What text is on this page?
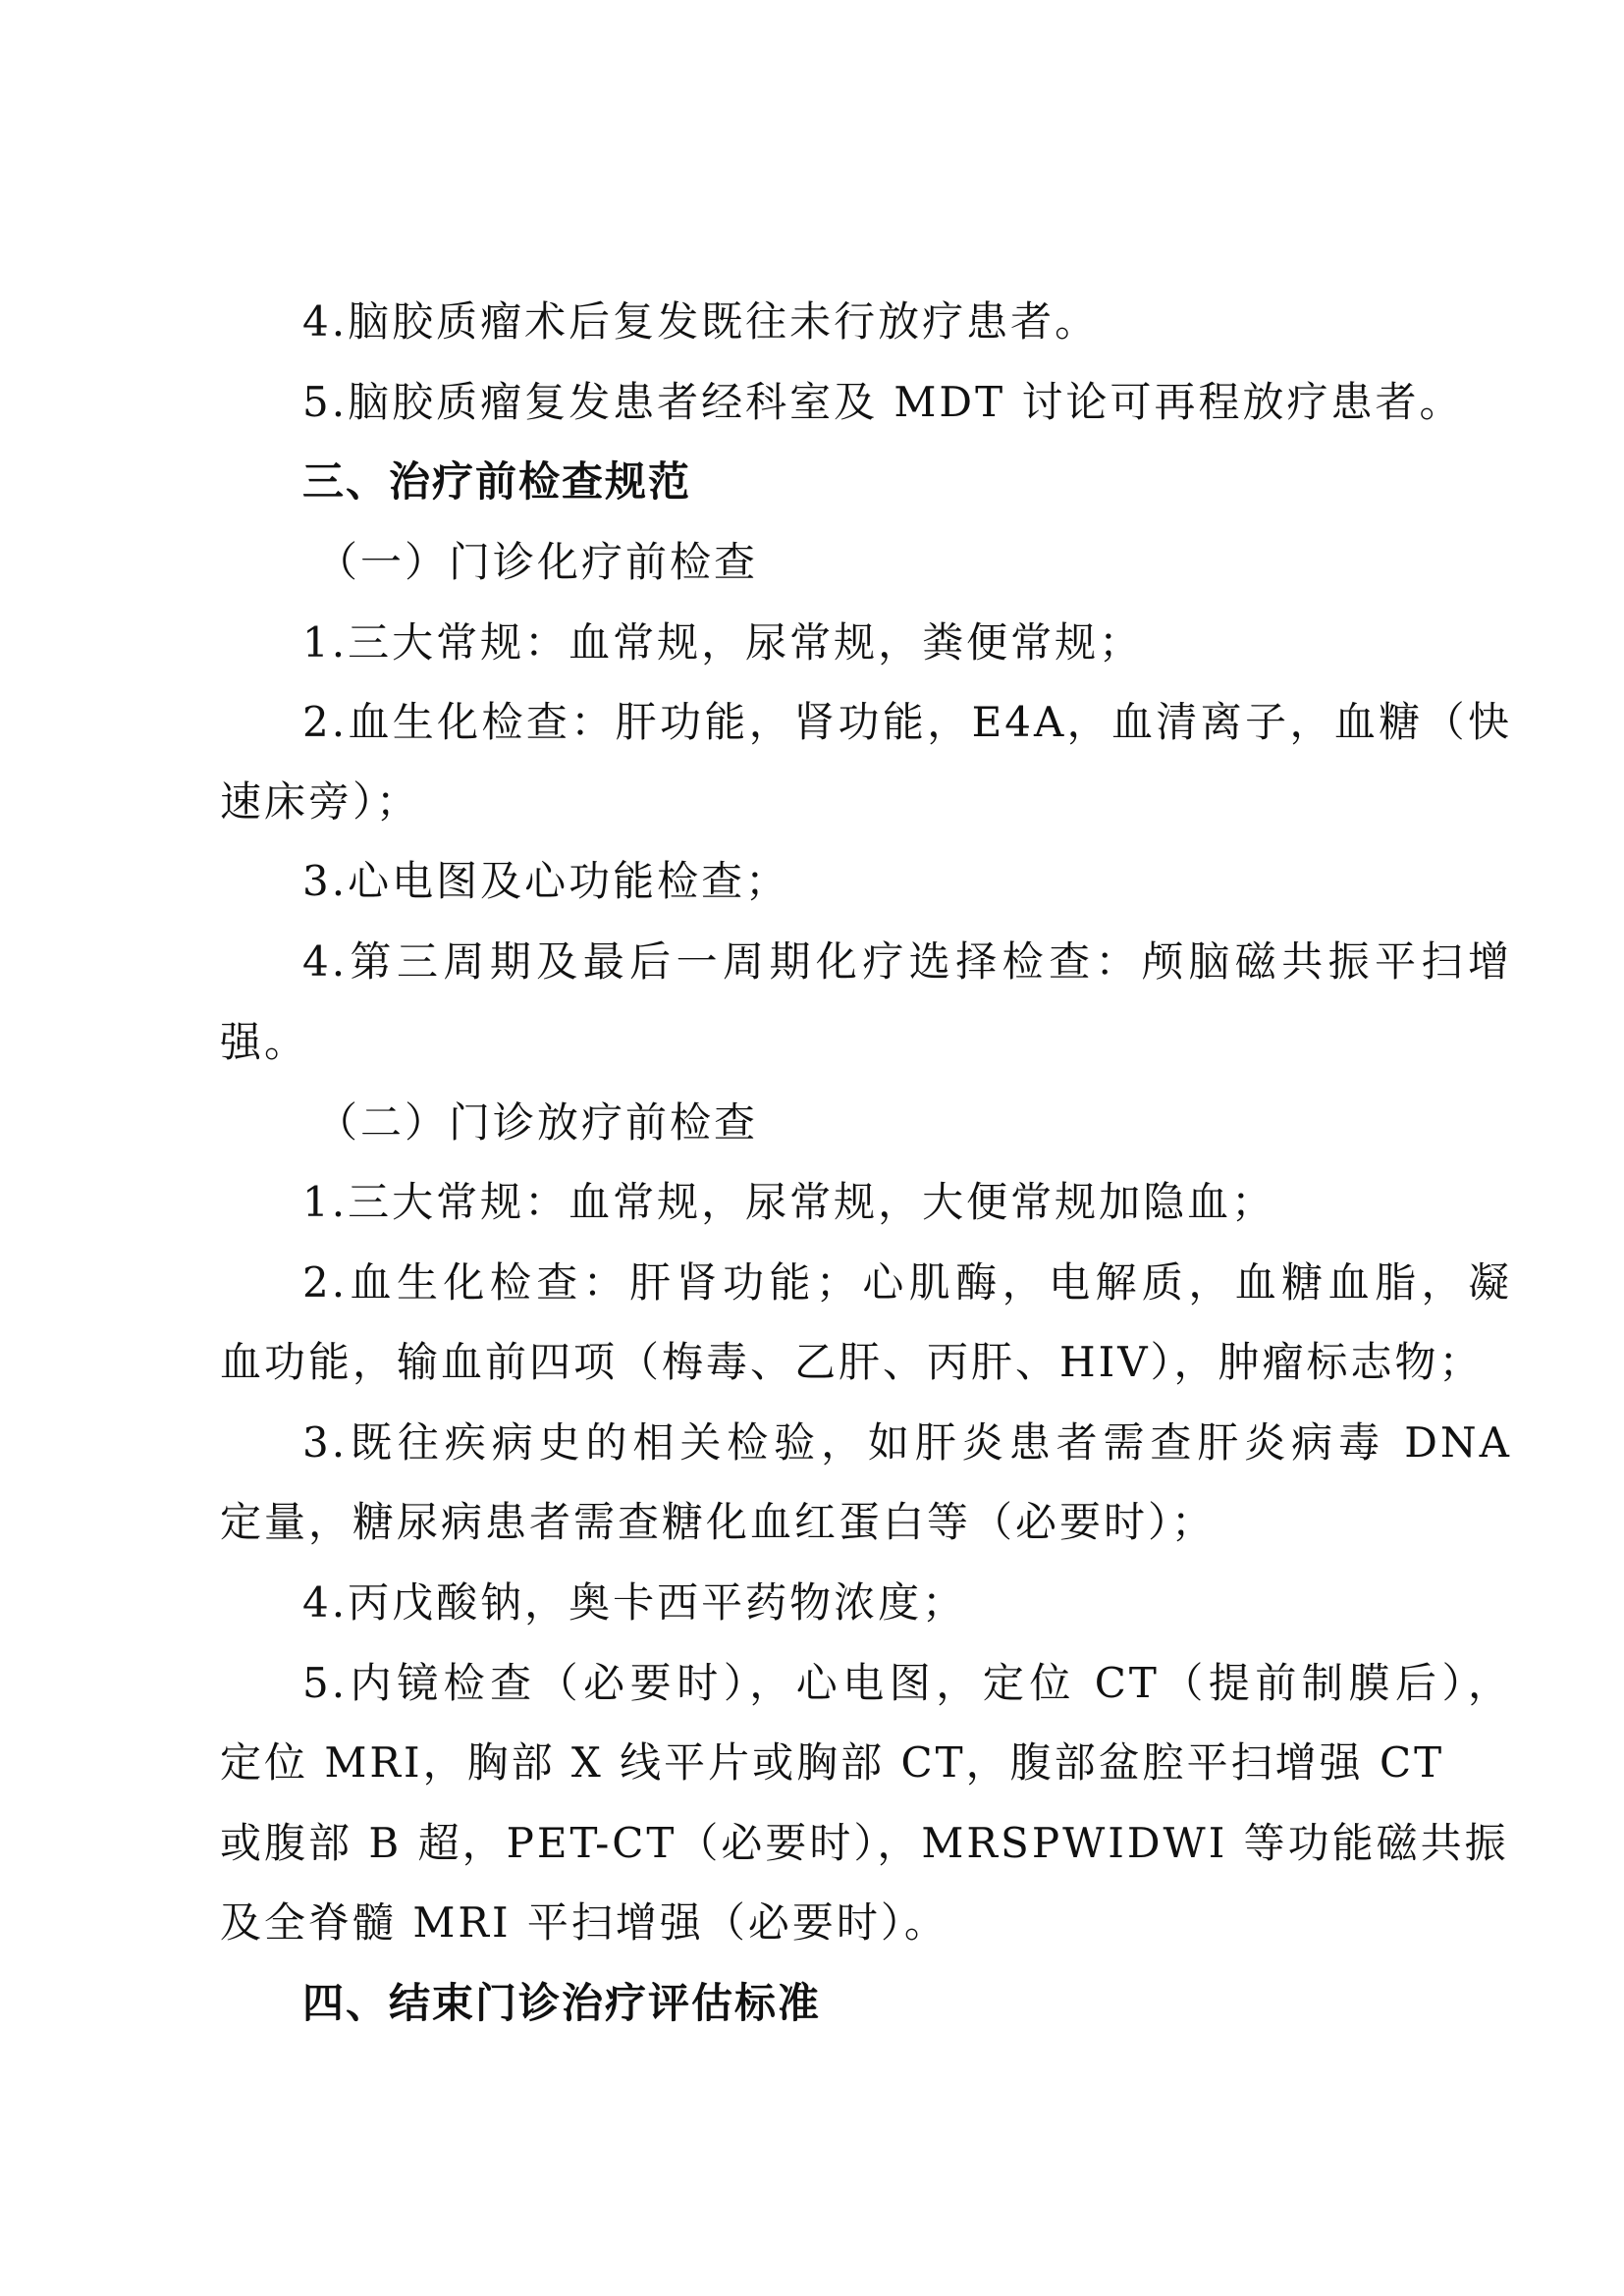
4.脑胶质瘤术后复发既往未行放疗患者。
5.脑胶质瘤复发患者经科室及 MDT 讨论可再程放疗患者。
三、治疗前检查规范
（一）门诊化疗前检查
1.三大常规：血常规，尿常规，粪便常规；
2.血生化检查：肝功能，肾功能，E4A，血清离子，血糖（快
速床旁）；
3.心电图及心功能检查；
4.第三周期及最后一周期化疗选择检查：颅脑磁共振平扫增
强。
（二）门诊放疗前检查
1.三大常规：血常规，尿常规，大便常规加隐血；
2.血生化检查：肝肾功能；心肌酶，电解质，血糖血脂，凝
血功能，输血前四项（梅毒、乙肝、丙肝、HIV），肿瘤标志物；
3.既往疾病史的相关检验，如肝炎患者需查肝炎病毒 DNA
定量，糖尿病患者需查糖化血红蛋白等（必要时）；
4.丙戊酸钠，奥卡西平药物浓度；
5.内镜检查（必要时），心电图，定位 CT（提前制膜后），
定位 MRI，胸部 X 线平片或胸部 CT，腹部盆腔平扫增强 CT
或腹部 B 超，PET-CT（必要时），MRSPWIDWI 等功能磁共振
及全脊髓 MRI 平扫增强（必要时）。
四、结束门诊治疗评估标准
